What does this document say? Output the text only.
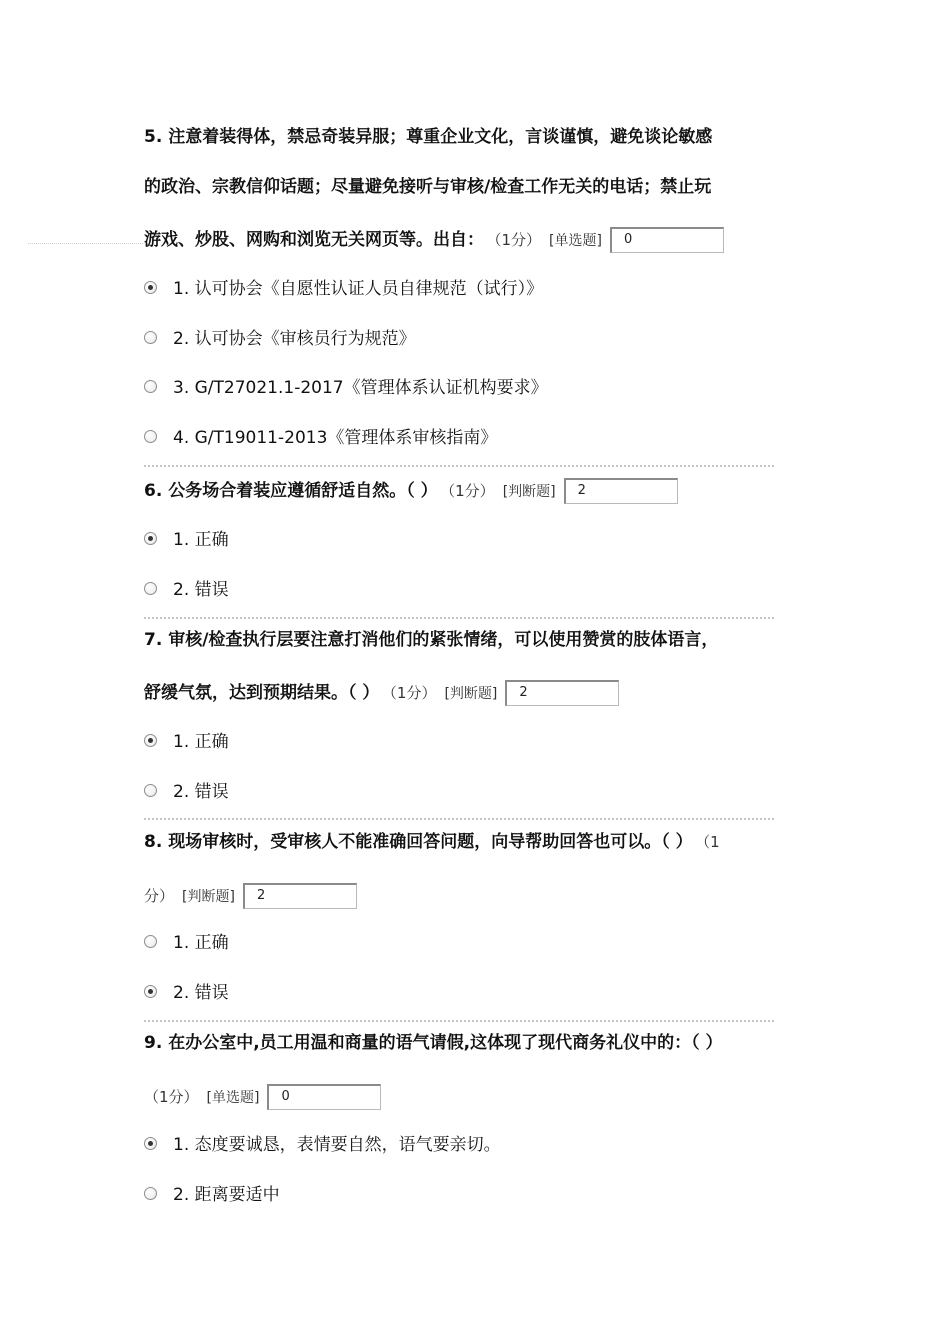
5. 注意着装得体，禁忌奇装异服；尊重企业文化，言谈谨慎，避免谈论敏感
的政治、宗教信仰话题；尽量避免接听与审核/检查工作无关的电话；禁止玩
游戏、炒股、网购和浏览无关网页等。出自： （1分） [单选题] 0
1. 认可协会《自愿性认证人员自律规范（试行）》
2. 认可协会《审核员行为规范》
3. G/T27021.1-2017《管理体系认证机构要求》
4. G/T19011-2013《管理体系审核指南》
6. 公务场合着装应遵循舒适自然。（ ） （1分） [判断题] 2
1. 正确
2. 错误
7. 审核/检查执行层要注意打消他们的紧张情绪，可以使用赞赏的肢体语言，
舒缓气氛，达到预期结果。（ ） （1分） [判断题] 2
1. 正确
2. 错误
8. 现场审核时，受审核人不能准确回答问题，向导帮助回答也可以。（ ） （1
分） [判断题] 2
1. 正确
2. 错误
9. 在办公室中,员工用温和商量的语气请假,这体现了现代商务礼仪中的：（ ）
（1分） [单选题] 0
1. 态度要诚恳，表情要自然，语气要亲切。
2. 距离要适中
